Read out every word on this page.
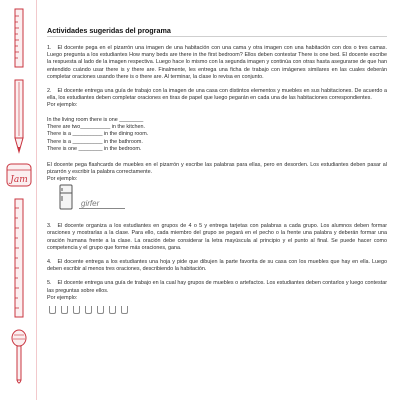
Jam
Actividades sugeridas del programa
1. El docente pega en el pizarrón una imagen de una habitación con una cama y otra imagen con una habitación con dos o tres camas. Luego pregunta a los estudiantes How many beds are there in the first bedroom? Ellos deben contestar There is one bed. El docente escribe la respuesta al lado de la imagen respectiva. Luego hace lo mismo con la segunda imagen y continúa con otras hasta asegurarse de que han entendido cuándo usar there is y there are. Finalmente, les entrega una ficha de trabajo con imágenes similares en las cuales deberán completar oraciones usando there is o there are. Al terminar, la clase lo revisa en conjunto.
2. El docente entrega una guía de trabajo con la imagen de una casa con distintos elementos y muebles en sus habitaciones. De acuerdo a ella, los estudiantes deben completar oraciones en tiras de papel que luego pegarán en cada una de las habitaciones correspondientes.
Por ejemplo:
In the living room there is one ________
There are two__________ in the kitchen.
There is a __________ in the dining room.
There is a __________ in the bathroom.
There is one ________ in the bedroom.
El docente pega flashcards de muebles en el pizarrón y escribe las palabras para ellas, pero en desorden. Los estudiantes deben pasar al pizarrón y escribir la palabra correctamente.
Por ejemplo:
girfer
3. El docente organiza a los estudiantes en grupos de 4 o 5 y entrega tarjetas con palabras a cada grupo. Los alumnos deben formar oraciones y mostrarlas a la clase. Para ello, cada miembro del grupo se pegará en el pecho o la frente una palabra y deberán formar una oración humana frente a la clase. La oración debe considerar la letra mayúscula al principio y el punto al final. Se puede hacer como competencia y el grupo que forme más oraciones, gana.
4. El docente entrega a los estudiantes una hoja y pide que dibujen la parte favorita de su casa con los muebles que hay en ella. Luego deben escribir al menos tres oraciones, describiendo la habitación.
5. El docente entrega una guía de trabajo en la cual hay grupos de muebles o artefactos. Los estudiantes deben contarlos y luego contestar las preguntas sobre ellos.
Por ejemplo:
